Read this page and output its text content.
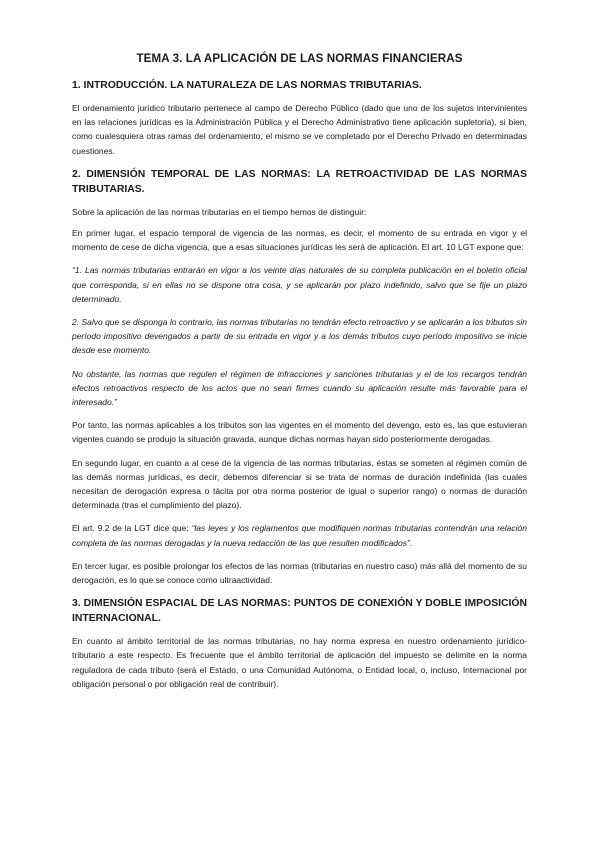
TEMA 3. LA APLICACIÓN DE LAS NORMAS FINANCIERAS
1. INTRODUCCIÓN. LA NATURALEZA DE LAS NORMAS TRIBUTARIAS.

El ordenamiento jurídico tributario pertenece al campo de Derecho Público (dado que uno de los sujetos intervinientes en las relaciones jurídicas es la Administración Pública y el Derecho Administrativo tiene aplicación supletoria), si bien, como cualesquiera otras ramas del ordenamiento, el mismo se ve completado por el Derecho Privado en determinadas cuestiones.

2. DIMENSIÓN TEMPORAL DE LAS NORMAS: LA RETROACTIVIDAD DE LAS NORMAS TRIBUTARIAS.

Sobre la aplicación de las normas tributarias en el tiempo hemos de distinguir:

En primer lugar, el espacio temporal de vigencia de las normas, es decir, el momento de su entrada en vigor y el momento de cese de dicha vigencia, que a esas situaciones jurídicas les será de aplicación. El art. 10 LGT expone que:

“1. Las normas tributarias entrarán en vigor a los veinte días naturales de su completa publicación en el boletín oficial que corresponda, si en ellas no se dispone otra cosa, y se aplicarán por plazo indefinido, salvo que se fije un plazo determinado.

2. Salvo que se disponga lo contrario, las normas tributarias no tendrán efecto retroactivo y se aplicarán a los tributos sin período impositivo devengados a partir de su entrada en vigor y a los demás tributos cuyo período impositivo se inicie desde ese momento.

No obstante, las normas que regulen el régimen de infracciones y sanciones tributarias y el de los recargos tendrán efectos retroactivos respecto de los actos que no sean firmes cuando su aplicación resulte más favorable para el interesado.”

Por tanto, las normas aplicables a los tributos son las vigentes en el momento del devengo, esto es, las que estuvieran vigentes cuando se produjo la situación gravada, aunque dichas normas hayan sido posteriormente derogadas.

En segundo lugar, en cuanto a al cese de la vigencia de las normas tributarias, éstas se someten al régimen común de las demás normas jurídicas, es decir, debemos diferenciar si se trata de normas de duración indefinida (las cuales necesitan de derogación expresa o tácita por otra norma posterior de igual o superior rango) o normas de duración determinada (tras el cumplimiento del plazo).

El art. 9.2 de la LGT dice que: “las leyes y los reglamentos que modifiquen normas tributarias contendrán una relación completa de las normas derogadas y la nueva redacción de las que resulten modificados”.

En tercer lugar, es posible prolongar los efectos de las normas (tributarias en nuestro caso) más allá del momento de su derogación, es lo que se conoce como ultraactividad.

3. DIMENSIÓN ESPACIAL DE LAS NORMAS: PUNTOS DE CONEXIÓN Y DOBLE IMPOSICIÓN INTERNACIONAL.

En cuanto al ámbito territorial de las normas tributarias, no hay norma expresa en nuestro ordenamiento jurídico-tributario a este respecto. Es frecuente que el ámbito territorial de aplicación del impuesto se delimite en la norma reguladora de cada tributo (será el Estado, o una Comunidad Autónoma, o Entidad local, o, incluso, Internacional por obligación personal o por obligación real de contribuir).
